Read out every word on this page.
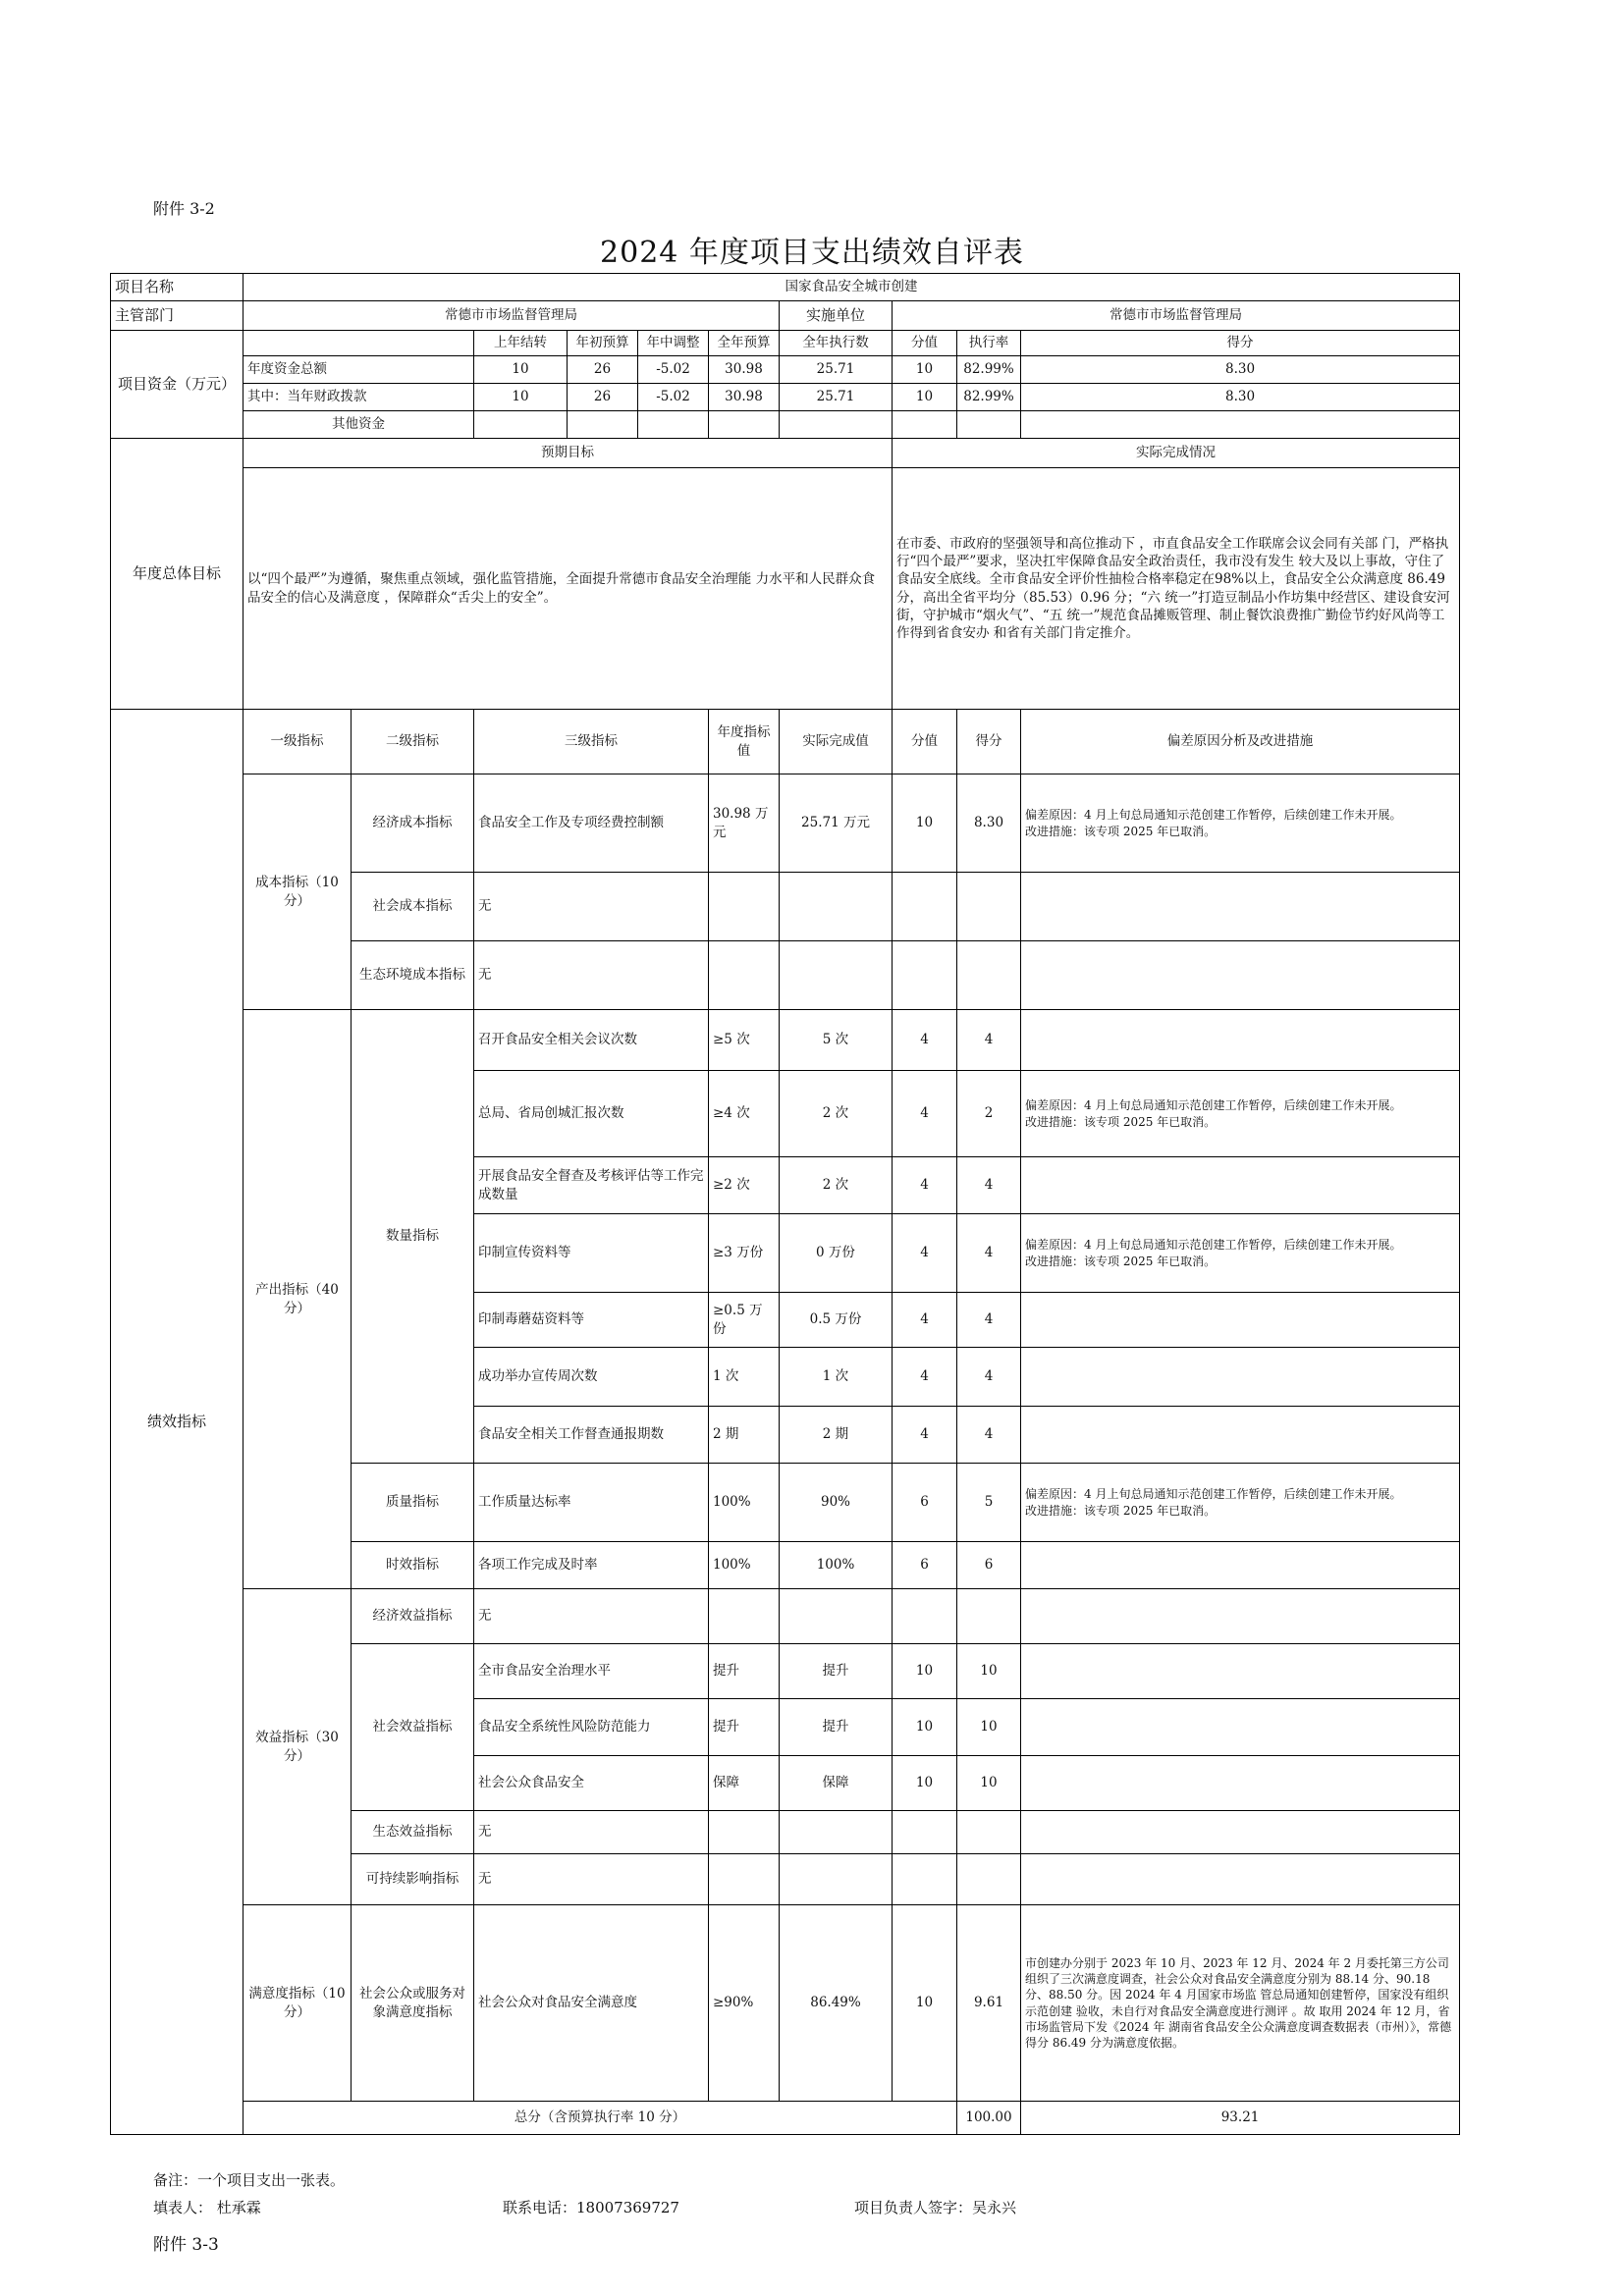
附件 3-2
2024 年度项目支出绩效自评表
项目名称	国家食品安全城市创建										
主管部门	常德市市场监督管理局						实施单位	常德市市场监督管理局			
项目资金（万元）			上年结转	年初预算	年中调整	全年预算	全年执行数	分值	执行率	得分	
	年度资金总额		10	26	-5.02	30.98	25.71	10	82.99%	8.30	
	其中：当年财政拨款		10	26	-5.02	30.98	25.71	10	82.99%	8.30	
	其他资金										
年度总体目标	预期目标							实际完成情况			
	以“四个最严”为遵循，聚焦重点领域，强化监管措施，全面提升常德市食品安全治理能 力水平和人民群众食品安全的信心及满意度 ，保障群众“舌尖上的安全”。							在市委、市政府的坚强领导和高位推动下 ，市直食品安全工作联席会议会同有关部 门，严格执行“四个最严”要求，坚决扛牢保障食品安全政治责任，我市没有发生 较大及以上事故，守住了食品安全底线。全市食品安全评价性抽检合格率稳定在98%以上，食品安全公众满意度 86.49 分，高出全省平均分（85.53）0.96 分；“六 统一”打造豆制品小作坊集中经营区、建设食安河街，守护城市“烟火气”、“五 统一”规范食品摊贩管理、制止餐饮浪费推广勤俭节约好风尚等工作得到省食安办 和省有关部门肯定推介。			
绩效指标	一级指标	二级指标	三级指标			年度指标值	实际完成值	分值	得分	偏差原因分析及改进措施	
	成本指标（10分）	经济成本指标	食品安全工作及专项经费控制额			30.98 万元	25.71 万元	10	8.30	偏差原因：4 月上旬总局通知示范创建工作暂停，后续创建工作未开展。
改进措施：该专项 2025 年已取消。	
		社会成本指标	无								
		生态环境成本指标	无								
	产出指标（40分）	数量指标	召开食品安全相关会议次数			≥5 次	5 次	4	4		
			总局、省局创城汇报次数			≥4 次	2 次	4	2	偏差原因：4 月上旬总局通知示范创建工作暂停，后续创建工作未开展。
改进措施：该专项 2025 年已取消。	
			开展食品安全督查及考核评估等工作完 成数量			≥2 次	2 次	4	4		
			印制宣传资料等			≥3 万份	0 万份	4	4	偏差原因：4 月上旬总局通知示范创建工作暂停，后续创建工作未开展。
改进措施：该专项 2025 年已取消。	
			印制毒蘑菇资料等			≥0.5 万份	0.5 万份	4	4		
			成功举办宣传周次数			1 次	1 次	4	4		
			食品安全相关工作督查通报期数			2 期	2 期	4	4		
		质量指标	工作质量达标率			100%	90%	6	5	偏差原因：4 月上旬总局通知示范创建工作暂停，后续创建工作未开展。
改进措施：该专项 2025 年已取消。	
		时效指标	各项工作完成及时率			100%	100%	6	6		
	效益指标（30分）	经济效益指标	无								
		社会效益指标	全市食品安全治理水平			提升	提升	10	10		
			食品安全系统性风险防范能力			提升	提升	10	10		
			社会公众食品安全			保障	保障	10	10		
		生态效益指标	无								
		可持续影响指标	无								
	满意度指标（10分）	社会公众或服务对象满意度指标	社会公众对食品安全满意度			≥90%	86.49%	10	9.61	市创建办分别于 2023 年 10 月、2023 年 12 月、2024 年 2 月委托第三方公司组织了三次满意度调查，社会公众对食品安全满意度分别为 88.14 分、90.18 分、88.50 分。因 2024 年 4 月国家市场监 管总局通知创建暂停，国家没有组织示范创建 验收，未自行对食品安全满意度进行测评 。故 取用 2024 年 12 月，省市场监管局下发《2024 年 湖南省食品安全公众满意度调查数据表（市州）》，常德得分 86.49 分为满意度依据。	
	总分（含预算执行率 10 分）								100.00	93.21	
备注：一个项目支出一张表。
填表人： 杜承霖	联系电话：18007369727	项目负责人签字：吴永兴
附件 3-3
